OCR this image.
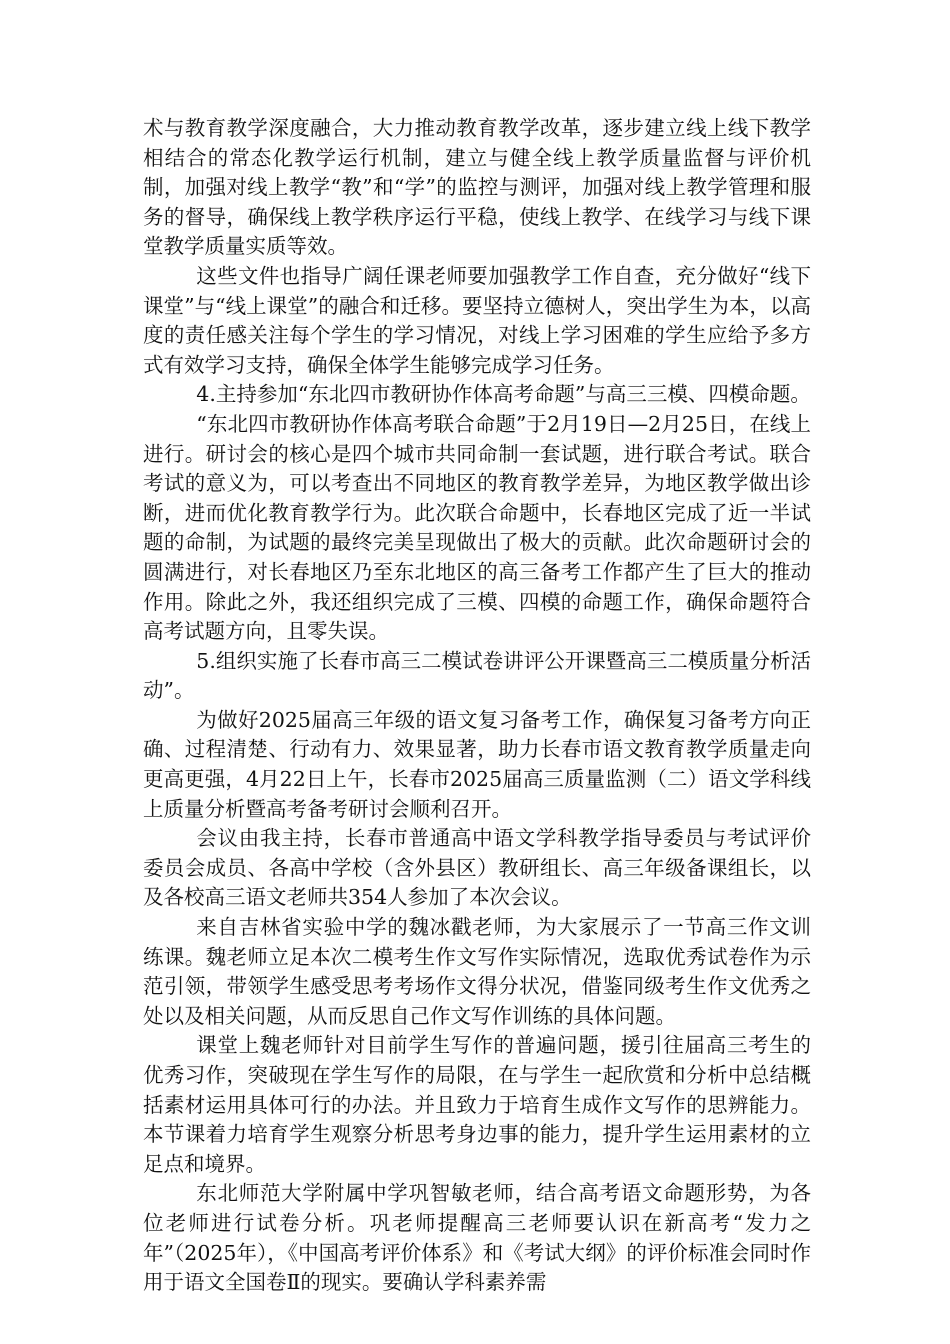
术与教育教学深度融合，大力推动教育教学改革，逐步建立线上线下教学相结合的常态化教学运行机制，建立与健全线上教学质量监督与评价机制，加强对线上教学“教”和“学”的监控与测评，加强对线上教学管理和服务的督导，确保线上教学秩序运行平稳，使线上教学、在线学习与线下课堂教学质量实质等效。

这些文件也指导广阔任课老师要加强教学工作自查，充分做好“线下课堂”与“线上课堂”的融合和迁移。要坚持立德树人，突出学生为本，以高度的责任感关注每个学生的学习情况，对线上学习困难的学生应给予多方式有效学习支持，确保全体学生能够完成学习任务。

4.主持参加“东北四市教研协作体高考命题”与高三三模、四模命题。

“东北四市教研协作体高考联合命题”于2月19日—2月25日，在线上进行。研讨会的核心是四个城市共同命制一套试题，进行联合考试。联合考试的意义为，可以考查出不同地区的教育教学差异，为地区教学做出诊断，进而优化教育教学行为。此次联合命题中，长春地区完成了近一半试题的命制，为试题的最终完美呈现做出了极大的贡献。此次命题研讨会的圆满进行，对长春地区乃至东北地区的高三备考工作都产生了巨大的推动作用。除此之外，我还组织完成了三模、四模的命题工作，确保命题符合高考试题方向，且零失误。

5.组织实施了长春市高三二模试卷讲评公开课暨高三二模质量分析活动”。

为做好2025届高三年级的语文复习备考工作，确保复习备考方向正确、过程清楚、行动有力、效果显著，助力长春市语文教育教学质量走向更高更强，4月22日上午，长春市2025届高三质量监测（二）语文学科线上质量分析暨高考备考研讨会顺利召开。

会议由我主持，长春市普通高中语文学科教学指导委员与考试评价委员会成员、各高中学校（含外县区）教研组长、高三年级备课组长，以及各校高三语文老师共354人参加了本次会议。

来自吉林省实验中学的魏冰戳老师，为大家展示了一节高三作文训练课。魏老师立足本次二模考生作文写作实际情况，选取优秀试卷作为示范引领，带领学生感受思考考场作文得分状况，借鉴同级考生作文优秀之处以及相关问题，从而反思自己作文写作训练的具体问题。

课堂上魏老师针对目前学生写作的普遍问题，援引往届高三考生的优秀习作，突破现在学生写作的局限，在与学生一起欣赏和分析中总结概括素材运用具体可行的办法。并且致力于培育生成作文写作的思辨能力。本节课着力培育学生观察分析思考身边事的能力，提升学生运用素材的立足点和境界。

东北师范大学附属中学巩智敏老师，结合高考语文命题形势，为各位老师进行试卷分析。巩老师提醒高三老师要认识在新高考“发力之年”（2025年），《中国高考评价体系》和《考试大纲》的评价标准会同时作用于语文全国卷Ⅱ的现实。要确认学科素养需
